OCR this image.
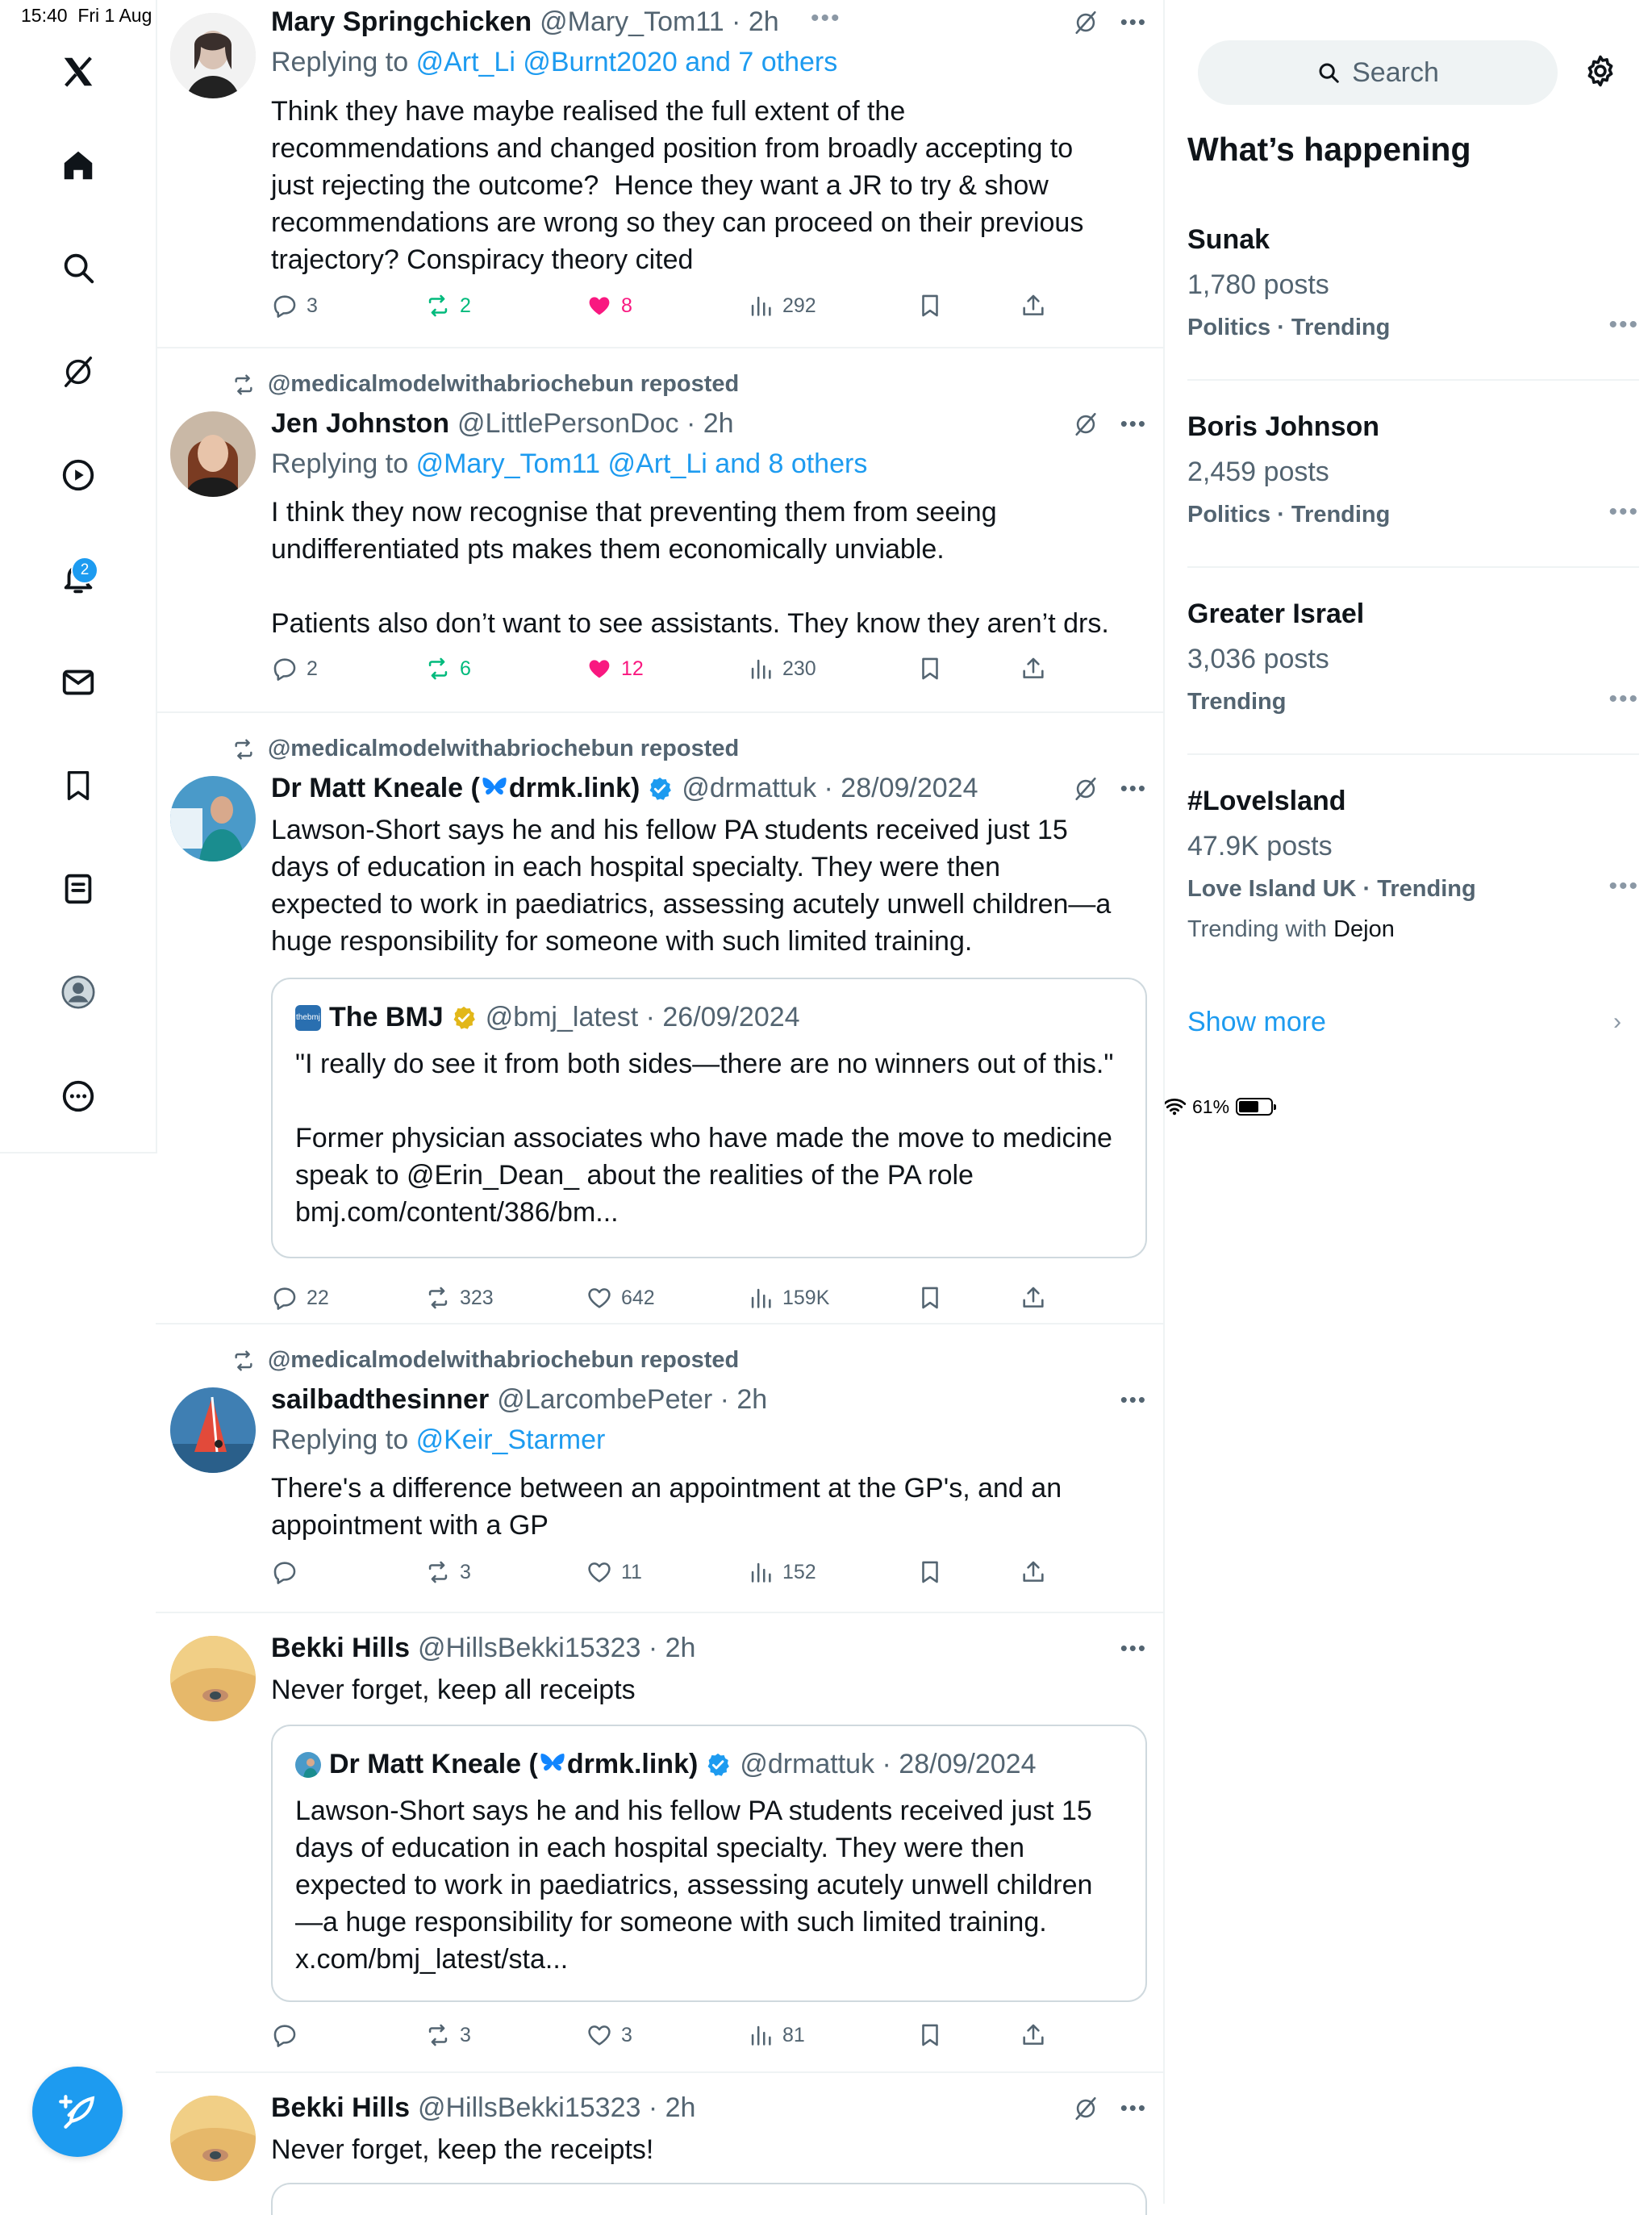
15:40 Fri 1 Aug
61%
•••
2
Mary Springchicken @Mary_Tom11 · 2h	•••
Replying to @Art_Li @Burnt2020 and 7 others
Think they have maybe realised the full extent of the recommendations and changed position from broadly accepting to just rejecting the outcome?  Hence they want a JR to try & show recommendations are wrong so they can proceed on their previous trajectory? Conspiracy theory cited
3	2	8	292
@medicalmodelwithabriochebun reposted
Jen Johnston @LittlePersonDoc · 2h	•••
Replying to @Mary_Tom11 @Art_Li and 8 others
I think they now recognise that preventing them from seeing undifferentiated pts makes them economically unviable.

Patients also don’t want to see assistants. They know they aren’t drs.
2	6	12	230
@medicalmodelwithabriochebun reposted
Dr Matt Kneale ( drmk.link) @drmattuk · 28/09/2024	•••
Lawson-Short says he and his fellow PA students received just 15 days of education in each hospital specialty. They were then expected to work in paediatrics, assessing acutely unwell children—a huge responsibility for someone with such limited training.
thebmj The BMJ @bmj_latest · 26/09/2024
"I really do see it from both sides—there are no winners out of this."

Former physician associates who have made the move to medicine speak to @Erin_Dean_ about the realities of the PA role bmj.com/content/386/bm...
22	323	642	159K
@medicalmodelwithabriochebun reposted
sailbadthesinner @LarcombePeter · 2h	•••
Replying to @Keir_Starmer
There's a difference between an appointment at the GP's, and an appointment with a GP
3	11	152
Bekki Hills @HillsBekki15323 · 2h	•••
Never forget, keep all receipts
Dr Matt Kneale ( drmk.link) @drmattuk · 28/09/2024
Lawson-Short says he and his fellow PA students received just 15 days of education in each hospital specialty. They were then expected to work in paediatrics, assessing acutely unwell children —a huge responsibility for someone with such limited training. x.com/bmj_latest/sta...
3	3	81
Bekki Hills @HillsBekki15323 · 2h	•••
Never forget, keep the receipts!
Search
What’s happening
Sunak
1,780 posts
Politics · Trending	•••
Boris Johnson
2,459 posts
Politics · Trending	•••
Greater Israel
3,036 posts
Trending	•••
#LoveIsland
47.9K posts
Love Island UK · Trending	•••
Trending with Dejon
Show more	›
